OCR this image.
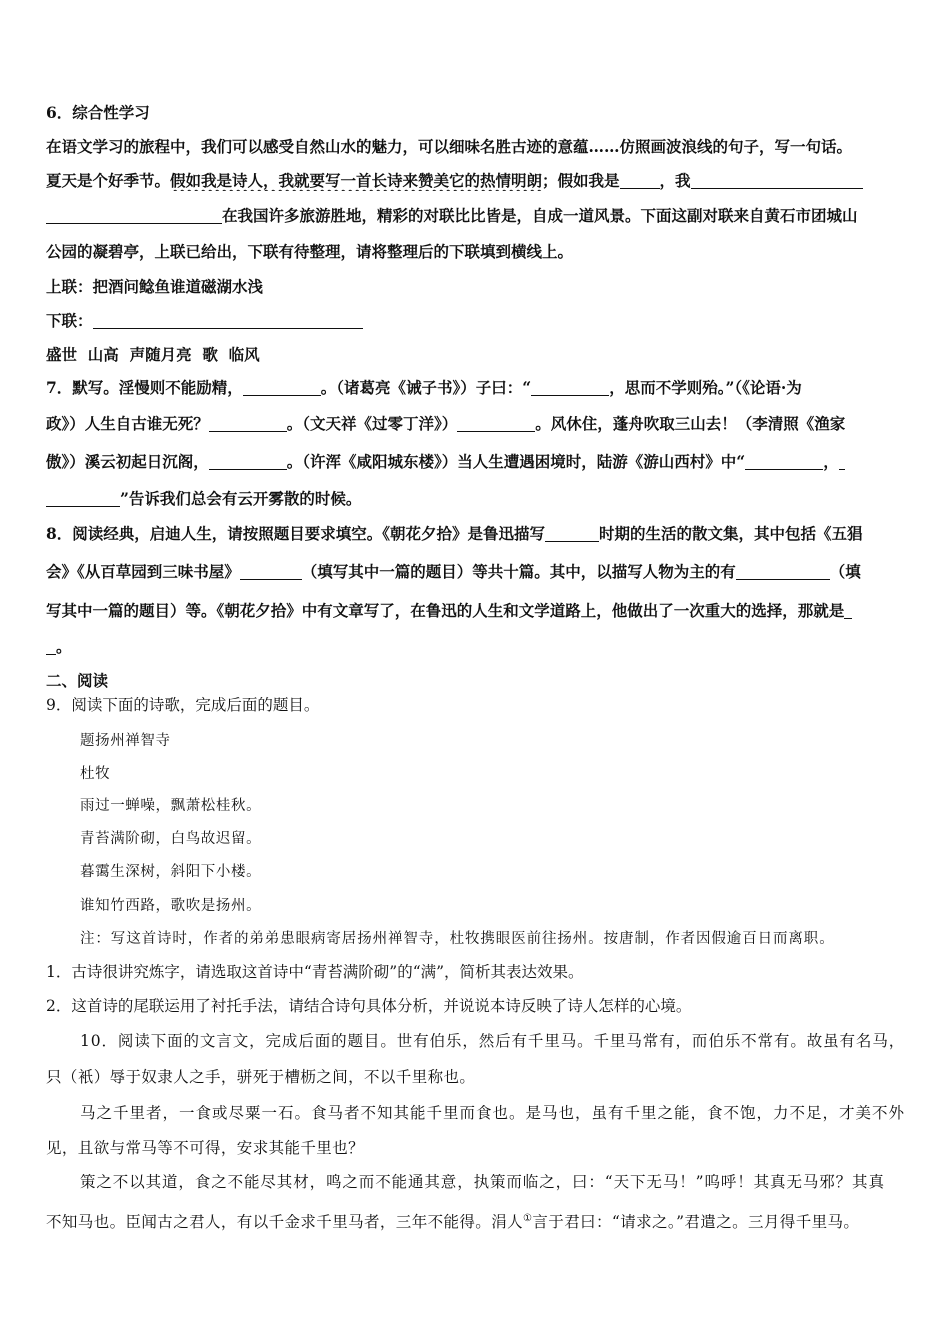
6．综合性学习
在语文学习的旅程中，我们可以感受自然山水的魅力，可以细味名胜古迹的意蕴……仿照画波浪线的句子，写一句话。
夏天是个好季节。假如我是诗人，我就要写一首长诗来赞美它的热情明朗；假如我是	，我
在我国许多旅游胜地，精彩的对联比比皆是，自成一道风景。下面这副对联来自黄石市团城山
公园的凝碧亭，上联已给出，下联有待整理，请将整理后的下联填到横线上。
上联：把酒问鲶鱼谁道磁湖水浅
下联：
盛世  山高  声随月亮  歌  临风
7．默写。淫慢则不能励精，	。（诸葛亮《诫子书》）子曰：“	，思而不学则殆。”（《论语·为
政》）人生自古谁无死？	。（文天祥《过零丁洋》）	。风休住，蓬舟吹取三山去！（李清照《渔家
傲》）溪云初起日沉阁，	。（许浑《咸阳城东楼》）当人生遭遇困境时，陆游《游山西村》中“	，
”告诉我们总会有云开雾散的时候。
8．阅读经典，启迪人生，请按照题目要求填空。《朝花夕拾》是鲁迅描写	时期的生活的散文集，其中包括《五猖
会》《从百草园到三味书屋》	（填写其中一篇的题目）等共十篇。其中，以描写人物为主的有	（填
写其中一篇的题目）等。《朝花夕拾》中有文章写了，在鲁迅的人生和文学道路上，他做出了一次重大的选择，那就是
。
二、阅读
9．阅读下面的诗歌，完成后面的题目。
题扬州禅智寺
杜牧
雨过一蝉噪，飘萧松桂秋。
青苔满阶砌，白鸟故迟留。
暮霭生深树，斜阳下小楼。
谁知竹西路，歌吹是扬州。
注：写这首诗时，作者的弟弟患眼病寄居扬州禅智寺，杜牧携眼医前往扬州。按唐制，作者因假逾百日而离职。
1．古诗很讲究炼字，请选取这首诗中“青苔满阶砌”的“满”，简析其表达效果。
2．这首诗的尾联运用了衬托手法，请结合诗句具体分析，并说说本诗反映了诗人怎样的心境。
10．阅读下面的文言文，完成后面的题目。世有伯乐，然后有千里马。千里马常有，而伯乐不常有。故虽有名马，
只（衹）辱于奴隶人之手，骈死于槽枥之间，不以千里称也。
马之千里者，一食或尽粟一石。食马者不知其能千里而食也。是马也，虽有千里之能，食不饱，力不足，才美不外
见，且欲与常马等不可得，安求其能千里也？
策之不以其道，食之不能尽其材，鸣之而不能通其意，执策而临之，曰：“天下无马！”呜呼！其真无马邪？其真
不知马也。臣闻古之君人，有以千金求千里马者，三年不能得。涓人①言于君曰：“请求之。”君遣之。三月得千里马。
